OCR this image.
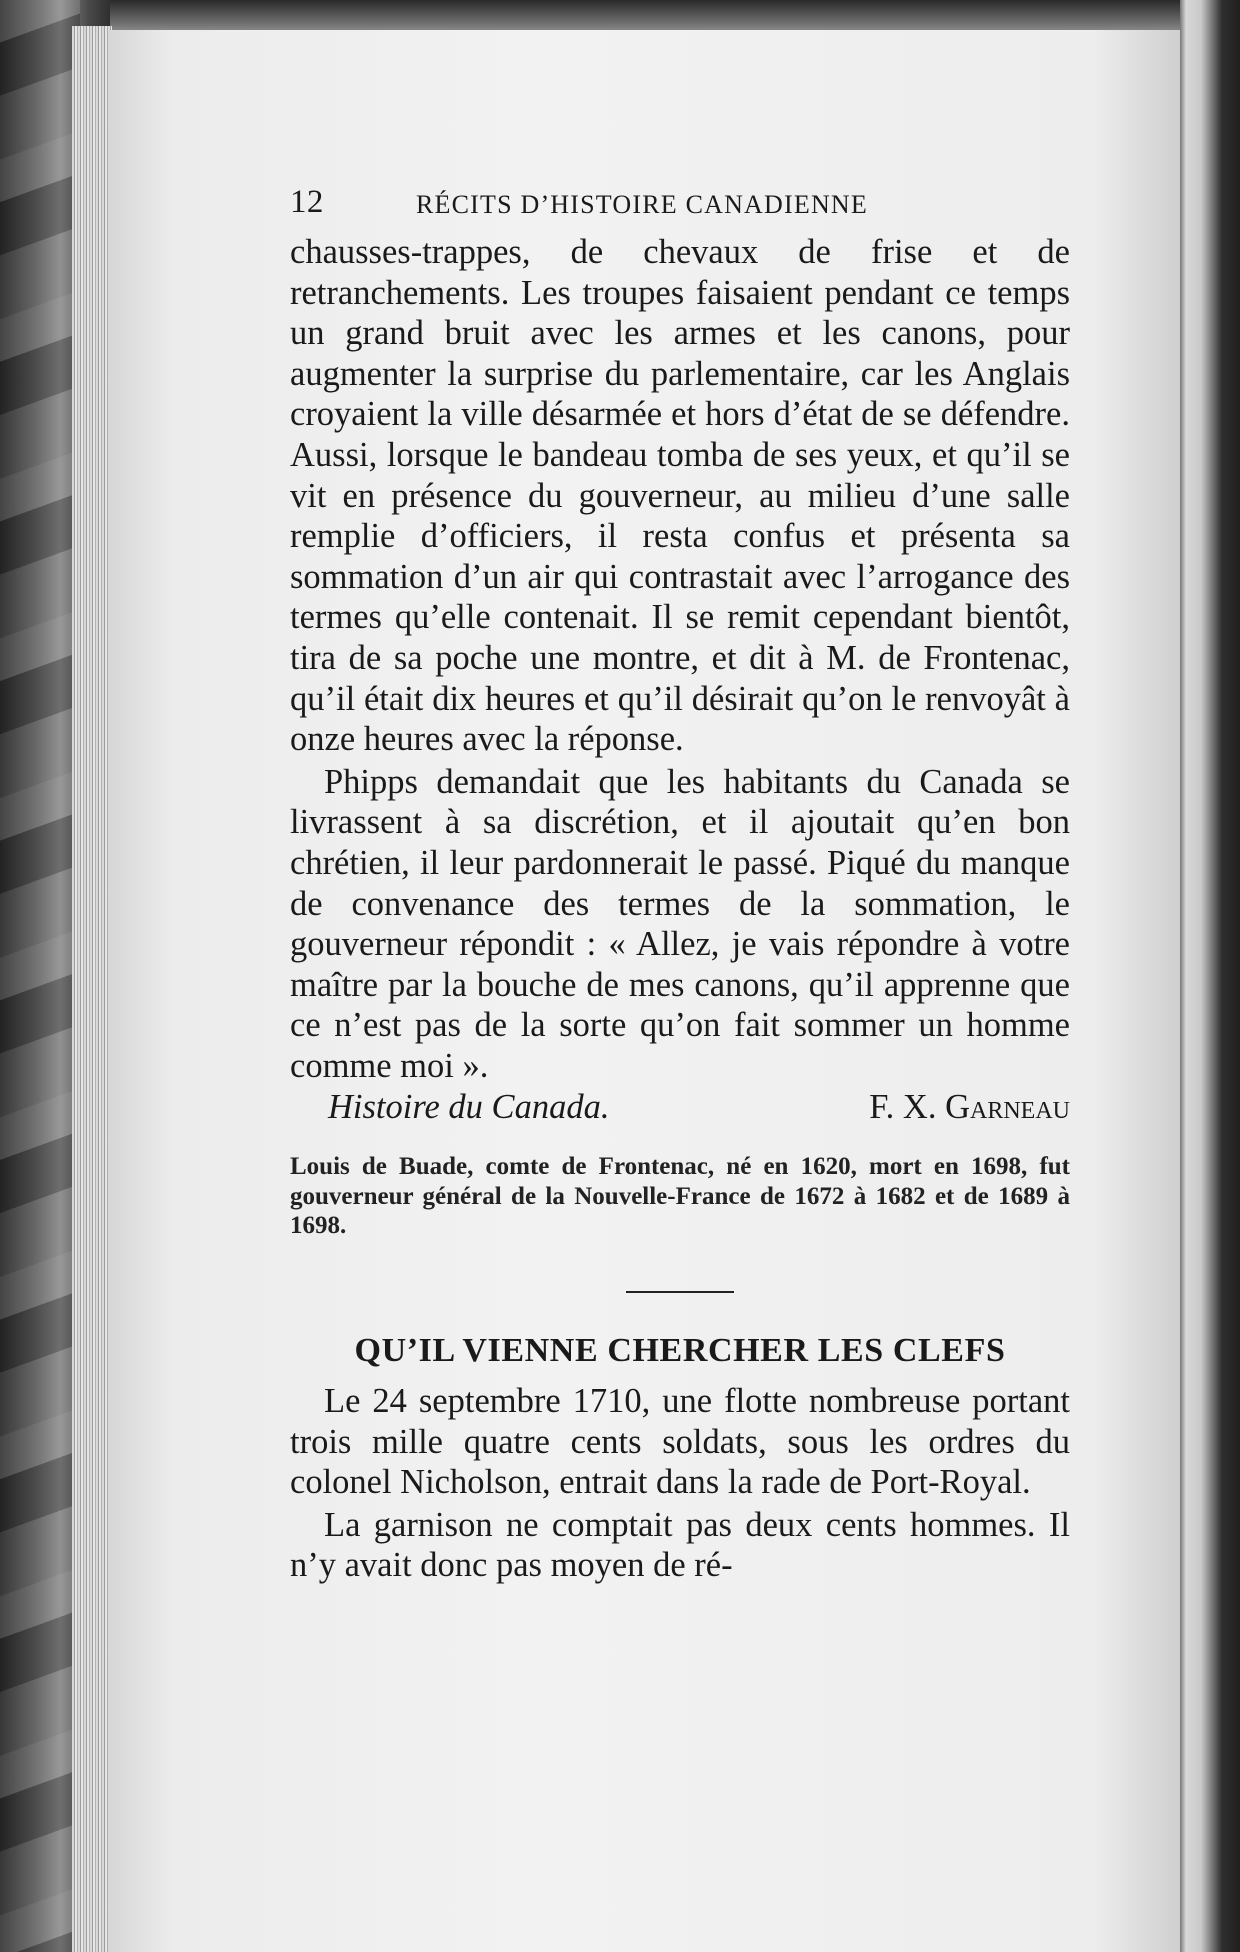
12	RÉCITS D’HISTOIRE CANADIENNE

chausses-trappes, de chevaux de frise et de retranchements. Les troupes faisaient pendant ce temps un grand bruit avec les armes et les canons, pour augmenter la surprise du parlementaire, car les Anglais croyaient la ville désarmée et hors d’état de se défendre. Aussi, lorsque le bandeau tomba de ses yeux, et qu’il se vit en présence du gouverneur, au milieu d’une salle remplie d’officiers, il resta confus et présenta sa sommation d’un air qui contrastait avec l’arrogance des termes qu’elle contenait. Il se remit cependant bientôt, tira de sa poche une montre, et dit à M. de Frontenac, qu’il était dix heures et qu’il désirait qu’on le renvoyât à onze heures avec la réponse.

Phipps demandait que les habitants du Canada se livrassent à sa discrétion, et il ajoutait qu’en bon chrétien, il leur pardonnerait le passé. Piqué du manque de convenance des termes de la sommation, le gouverneur répondit : « Allez, je vais répondre à votre maître par la bouche de mes canons, qu’il apprenne que ce n’est pas de la sorte qu’on fait sommer un homme comme moi ».

Histoire du Canada.	F. X. Garneau

Louis de Buade, comte de Frontenac, né en 1620, mort en 1698, fut gouverneur général de la Nouvelle-France de 1672 à 1682 et de 1689 à 1698.

QU’IL VIENNE CHERCHER LES CLEFS

Le 24 septembre 1710, une flotte nombreuse portant trois mille quatre cents soldats, sous les ordres du colonel Nicholson, entrait dans la rade de Port-Royal.

La garnison ne comptait pas deux cents hommes. Il n’y avait donc pas moyen de ré-
